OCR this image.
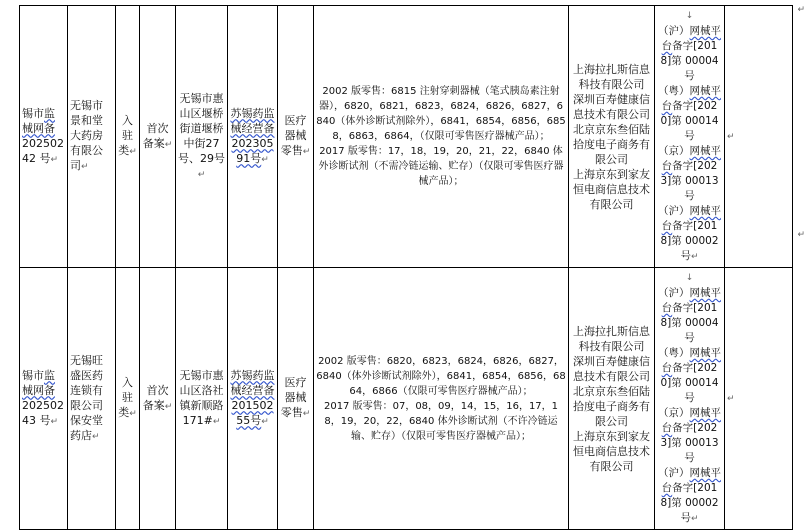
锡市监
械网备
202502
42 号↵	无锡市景和堂大药房有限公司↵	入驻类↵	首次备案↵	无锡市惠山区堰桥街道堰桥中街27号、29号↵	苏锡药监械经营备20230591号↵	医疗器械零售↵	2002 版零售：6815 注射穿刺器械（笔式胰岛素注射器），6820，6821，6823，6824，6826，6827，6840（体外诊断试剂除外），6841，6854，6856，6858，6863，6864，（仅限可零售医疗器械产品）；
2017 版零售：17，18，19，20，21，22，6840 体外诊断试剂（不需冷链运输、贮存）（仅限可零售医疗器械产品）；	上海拉扎斯信息科技有限公司
深圳百寿健康信息技术有限公司
北京京东叁佰陆拾度电子商务有限公司
上海京东到家友恒电商信息技术有限公司	↓
（沪）网械平台备字[2018]第 00004 号
（粤）网械平台备字[2020]第 00014 号
（京）网械平台备字[2023]第 00013 号
（沪）网械平台备字[2018]第 00002 号↵	↵
锡市监
械网备
202502
43 号↵	无锡旺盛医药连锁有限公司保安堂药店↵	入驻类↵	首次备案↵	无锡市惠山区洛社镇新顺路171#↵	苏锡药监械经营备20150255号↵	医疗器械零售↵	2002 版零售：6820，6823，6824，6826，6827，6840（体外诊断试剂除外），6841，6854，6856，6864，6866（仅限可零售医疗器械产品）；
2017 版零售：07，08，09，14，15，16，17，18，19，20，22，6840 体外诊断试剂（不许冷链运输、贮存）（仅限可零售医疗器械产品）；	上海拉扎斯信息科技有限公司
深圳百寿健康信息技术有限公司
北京京东叁佰陆拾度电子商务有限公司
上海京东到家友恒电商信息技术有限公司	↓
（沪）网械平台备字[2018]第 00004 号
（粤）网械平台备字[2020]第 00014 号
（京）网械平台备字[2023]第 00013 号
（沪）网械平台备字[2018]第 00002 号↵	↵
↵
↵
